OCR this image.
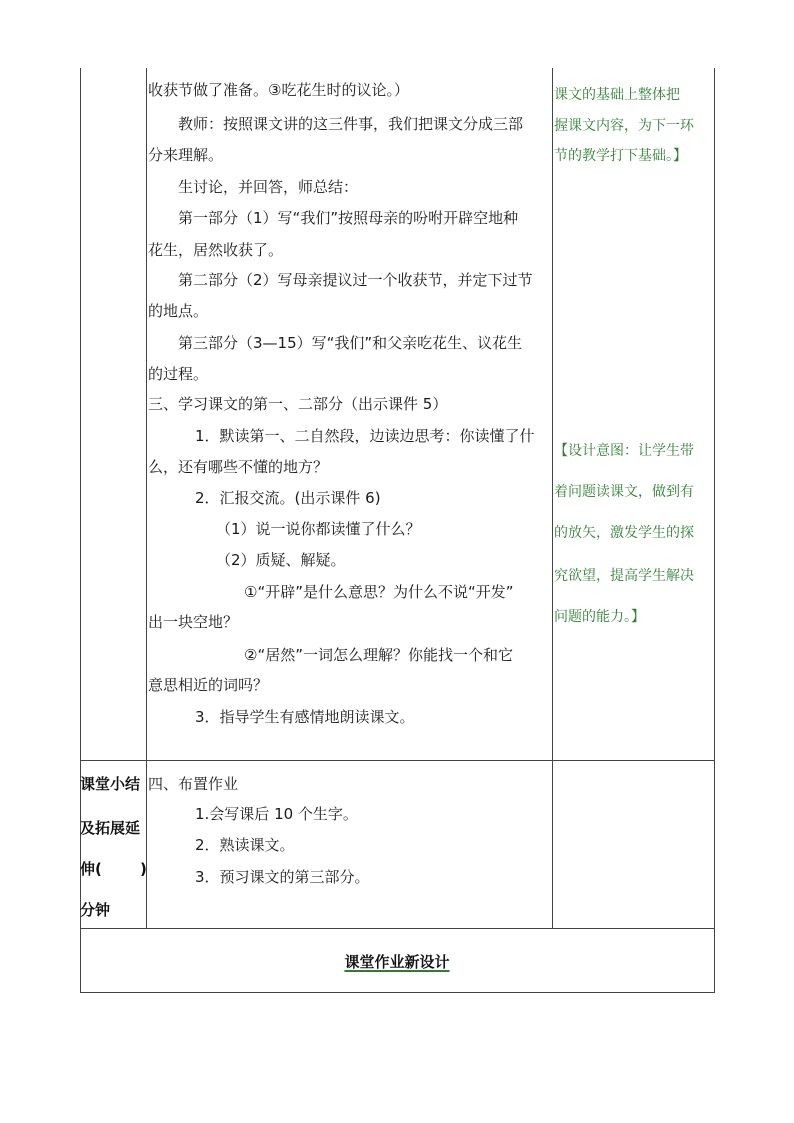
收获节做了准备。③吃花生时的议论。）
教师：按照课文讲的这三件事，我们把课文分成三部
分来理解。
生讨论，并回答，师总结：
第一部分（1）写“我们”按照母亲的吩咐开辟空地种
花生，居然收获了。
第二部分（2）写母亲提议过一个收获节，并定下过节
的地点。
第三部分（3—15）写“我们”和父亲吃花生、议花生
的过程。
三、学习课文的第一、二部分（出示课件 5）
1．默读第一、二自然段，边读边思考：你读懂了什
么，还有哪些不懂的地方？
2．汇报交流。(出示课件 6)
（1）说一说你都读懂了什么？
（2）质疑、解疑。
①“开辟”是什么意思？为什么不说“开发”
出一块空地？
②“居然”一词怎么理解？你能找一个和它
意思相近的词吗？
3．指导学生有感情地朗读课文。
课文的基础上整体把
握课文内容，为下一环
节的教学打下基础。】
【设计意图：让学生带
着问题读课文，做到有
的放矢，激发学生的探
究欲望，提高学生解决
问题的能力。】
课堂小结
及拓展延
伸(	)
分钟
四、布置作业
1.会写课后 10 个生字。
2．熟读课文。
3．预习课文的第三部分。
课堂作业新设计
